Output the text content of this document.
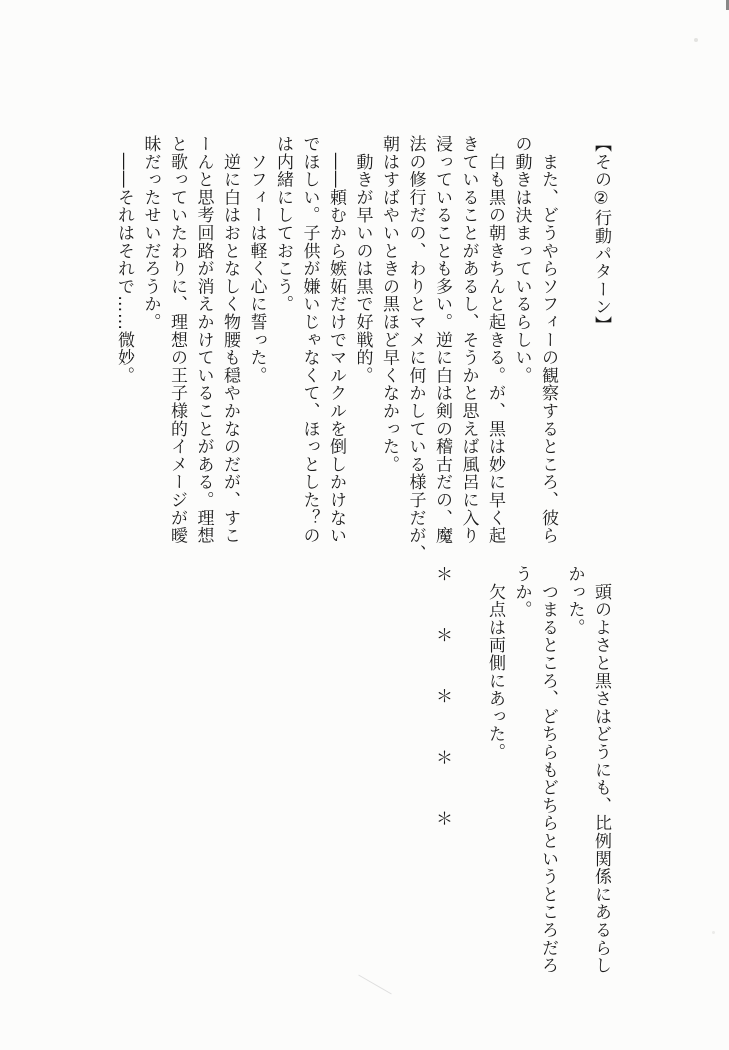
【その②行動パターン】

　また、どうやらソフィーの観察するところ、彼ら
の動きは決まっているらしい。
　白も黒の朝きちんと起きる。が、黒は妙に早く起
きていることがあるし、そうかと思えば風呂に入り
浸っていることも多い。逆に白は剣の稽古だの、魔
法の修行だの、わりとマメに何かしている様子だが、
朝はすばやいときの黒ほど早くなかった。
　動きが早いのは黒で好戦的。
　――頼むから嫉妬だけでマルクルを倒しかけない
でほしい。子供が嫌いじゃなくて、ほっとした？の
は内緒にしておこう。
　ソフィーは軽く心に誓った。
　逆に白はおとなしく物腰も穏やかなのだが、すこ
ーんと思考回路が消えかけていることがある。理想
と歌っていたわりに、理想の王子様的イメージが曖
昧だったせいだろうか。
　――それはそれで……微妙。
　頭のよさと黒さはどうにも、比例関係にあるらし
かった。
　つまるところ、どちらもどちらというところだろ
うか。
　欠点は両側にあった。

＊　　＊　　＊　　＊　　＊
